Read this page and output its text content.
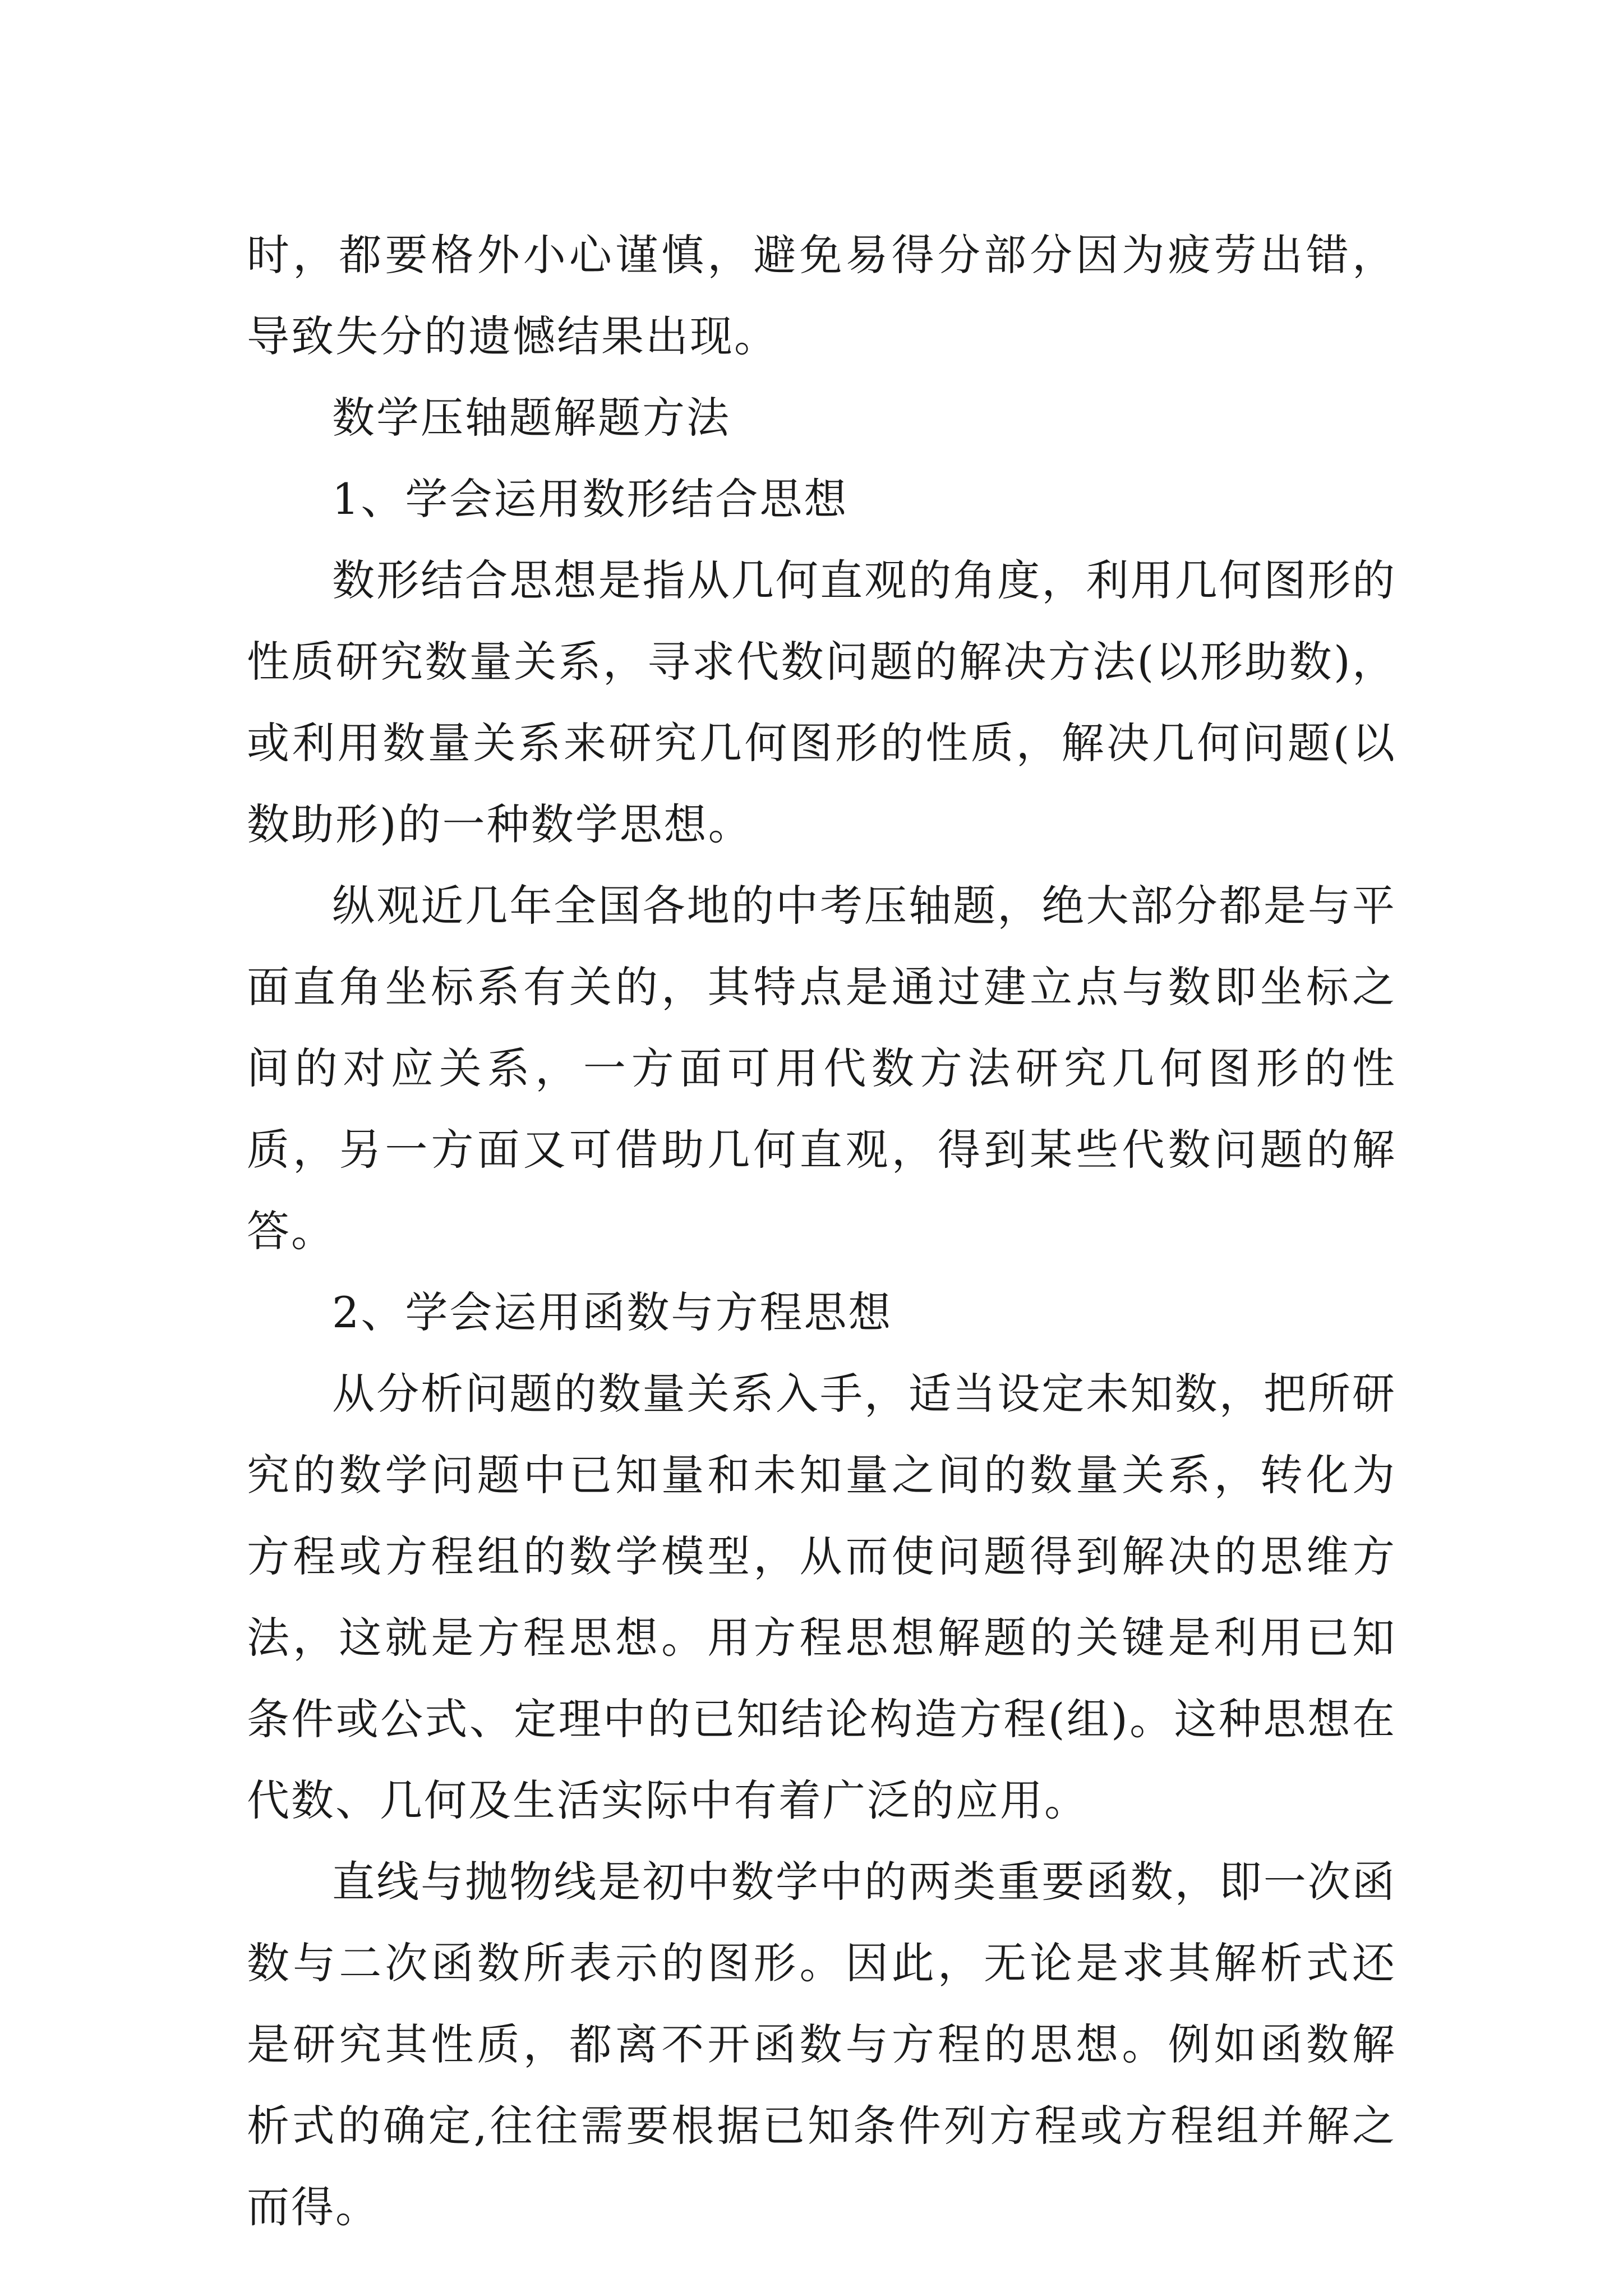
时，都要格外小心谨慎，避免易得分部分因为疲劳出错，导致失分的遗憾结果出现。

数学压轴题解题方法

1、学会运用数形结合思想

数形结合思想是指从几何直观的角度，利用几何图形的性质研究数量关系，寻求代数问题的解决方法(以形助数)，或利用数量关系来研究几何图形的性质，解决几何问题(以数助形)的一种数学思想。

纵观近几年全国各地的中考压轴题，绝大部分都是与平面直角坐标系有关的，其特点是通过建立点与数即坐标之间的对应关系，一方面可用代数方法研究几何图形的性质，另一方面又可借助几何直观，得到某些代数问题的解答。

2、学会运用函数与方程思想

从分析问题的数量关系入手，适当设定未知数，把所研究的数学问题中已知量和未知量之间的数量关系，转化为方程或方程组的数学模型，从而使问题得到解决的思维方法，这就是方程思想。用方程思想解题的关键是利用已知条件或公式、定理中的已知结论构造方程(组)。这种思想在代数、几何及生活实际中有着广泛的应用。

直线与抛物线是初中数学中的两类重要函数，即一次函数与二次函数所表示的图形。因此，无论是求其解析式还是研究其性质，都离不开函数与方程的思想。例如函数解析式的确定,往往需要根据已知条件列方程或方程组并解之而得。
